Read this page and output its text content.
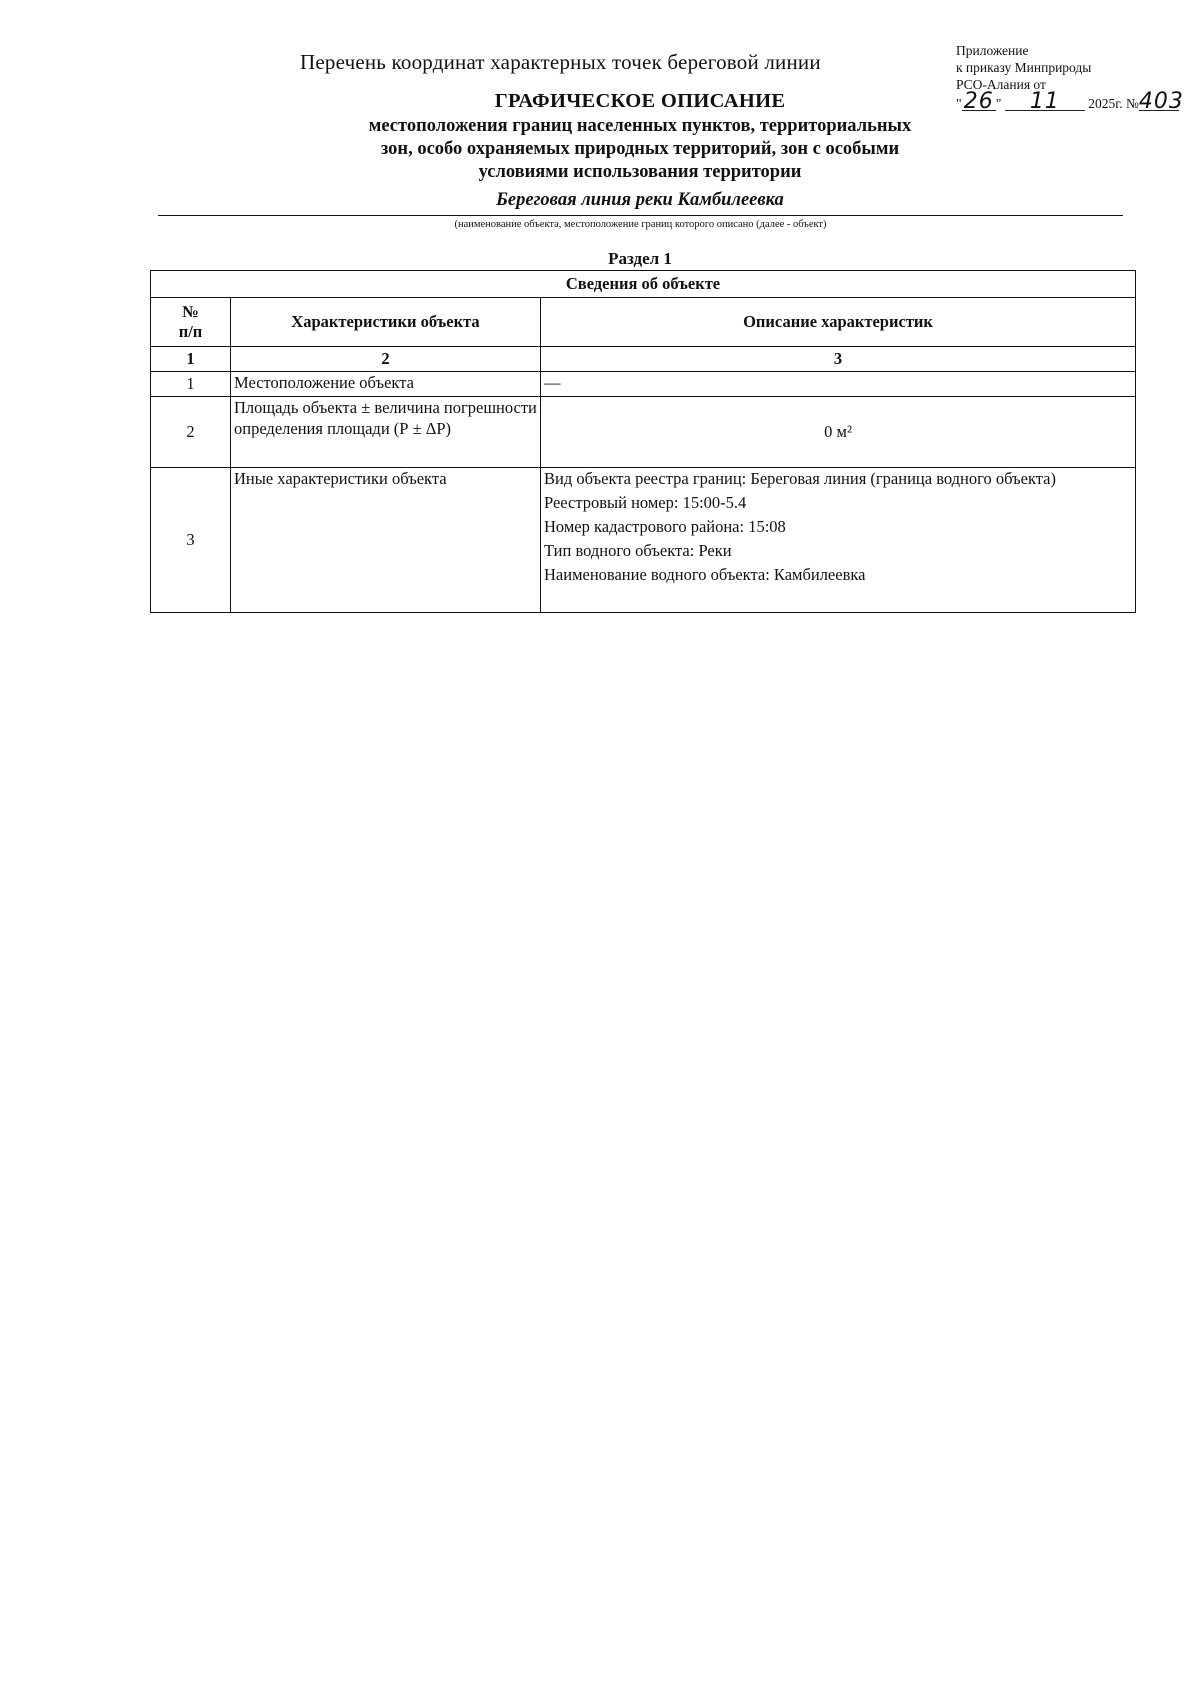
Перечень координат характерных точек береговой линии	Приложение
к приказу Минприроды
РСО-Алания от
"26 " 11 2025г. №403
ГРАФИЧЕСКОЕ ОПИСАНИЕ
местоположения границ населенных пунктов, территориальных
зон, особо охраняемых природных территорий, зон с особыми
условиями использования территории
Береговая линия реки Камбилеевка
(наименование объекта, местоположение границ которого описано (далее - объект)
Раздел 1
Сведения об объекте		
№ п/п	Характеристики объекта	Описание характеристик
1	2	3
1	Местоположение объекта	—
2	Площадь объекта ± величина погрешности определения площади (Р ± ΔР)	0 м²
3	Иные характеристики объекта	Вид объекта реестра границ: Береговая линия (граница водного объекта)
Реестровый номер: 15:00-5.4
Номер кадастрового района: 15:08
Тип водного объекта: Реки
Наименование водного объекта: Камбилеевка
